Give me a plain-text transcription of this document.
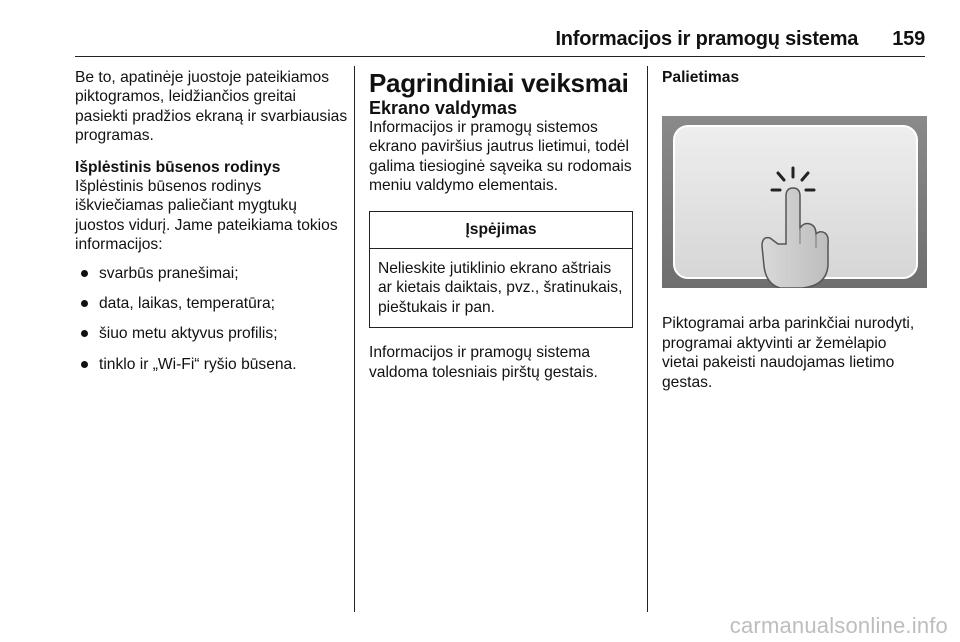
Informacijos ir pramogų sistema 159

Be to, apatinėje juostoje pateikiamos piktogramos, leidžiančios greitai pasiekti pradžios ekraną ir svarbiausias programas.

Išplėstinis būsenos rodinys

Išplėstinis būsenos rodinys iškviečiamas paliečiant mygtukų juostos vidurį. Jame pateikiama tokios informacijos:

svarbūs pranešimai;
data, laikas, temperatūra;
šiuo metu aktyvus profilis;
tinklo ir „Wi-Fi“ ryšio būsena.

Pagrindiniai veiksmai

Ekrano valdymas

Informacijos ir pramogų sistemos ekrano paviršius jautrus lietimui, todėl galima tiesioginė sąveika su rodomais meniu valdymo elementais.

Įspėjimas
Nelieskite jutiklinio ekrano aštriais ar kietais daiktais, pvz., šratinukais, pieštukais ir pan.

Informacijos ir pramogų sistema valdoma tolesniais pirštų gestais.

Palietimas

Piktogramai arba parinkčiai nurodyti, programai aktyvinti ar žemėlapio vietai pakeisti naudojamas lietimo gestas.

carmanualsonline.info
